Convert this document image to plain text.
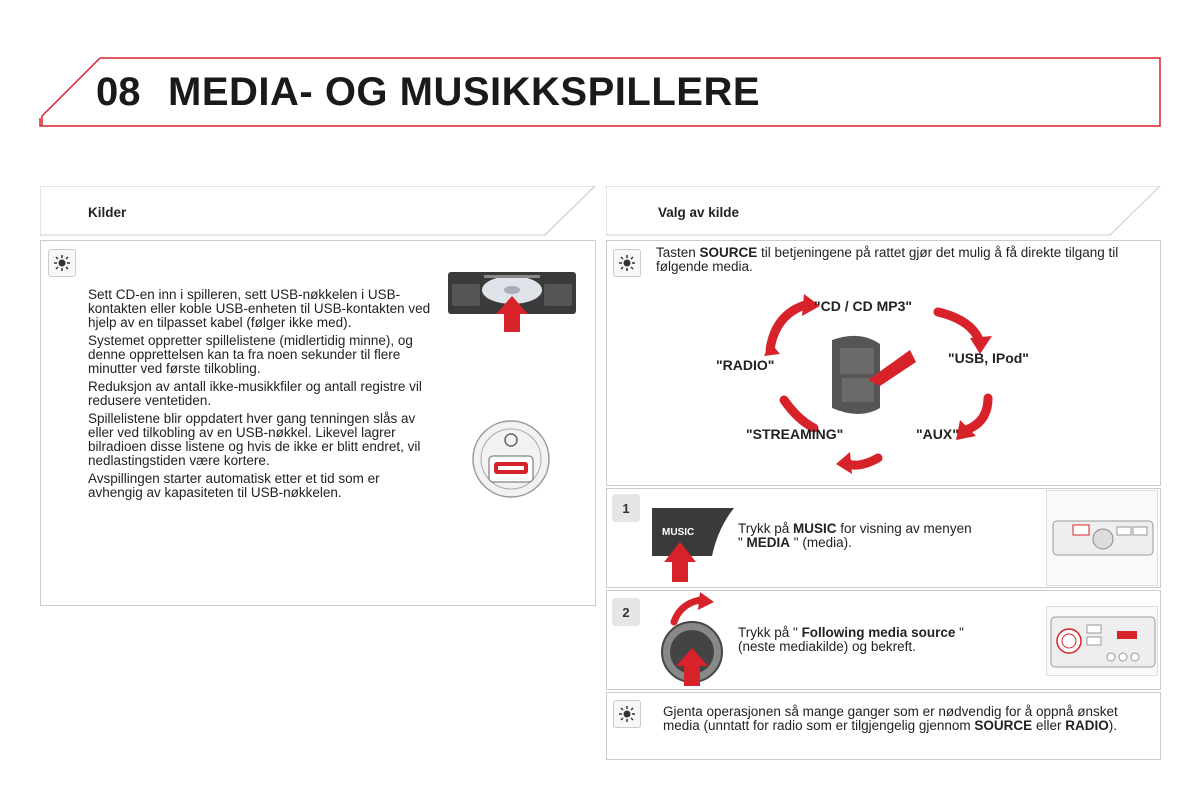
08 MEDIA- OG MUSIKKSPILLERE
Kilder

Sett CD-en inn i spilleren, sett USB-nøkkelen i USB-kontakten eller koble USB-enheten til USB-kontakten ved hjelp av en tilpasset kabel (følger ikke med).

Systemet oppretter spillelistene (midlertidig minne), og denne opprettelsen kan ta fra noen sekunder til flere minutter ved første tilkobling.

Reduksjon av antall ikke-musikkfiler og antall registre vil redusere ventetiden.

Spillelistene blir oppdatert hver gang tenningen slås av eller ved tilkobling av en USB-nøkkel. Likevel lagrer bilradioen disse listene og hvis de ikke er blitt endret, vil nedlastingstiden være kortere.

Avspillingen starter automatisk etter et tid som er avhengig av kapasiteten til USB-nøkkelen.

Valg av kilde
Tasten SOURCE til betjeningene på rattet gjør det mulig å få direkte tilgang til følgende media.
"CD / CD MP3"
"USB, IPod"
"AUX"
"STREAMING"
"RADIO"
1
MUSIC	Trykk på MUSIC for visning av menyen
" MEDIA " (media).
2
Trykk på " Following media source "
(neste mediakilde) og bekreft.
Gjenta operasjonen så mange ganger som er nødvendig for å oppnå ønsket media (unntatt for radio som er tilgjengelig gjennom SOURCE eller RADIO).
